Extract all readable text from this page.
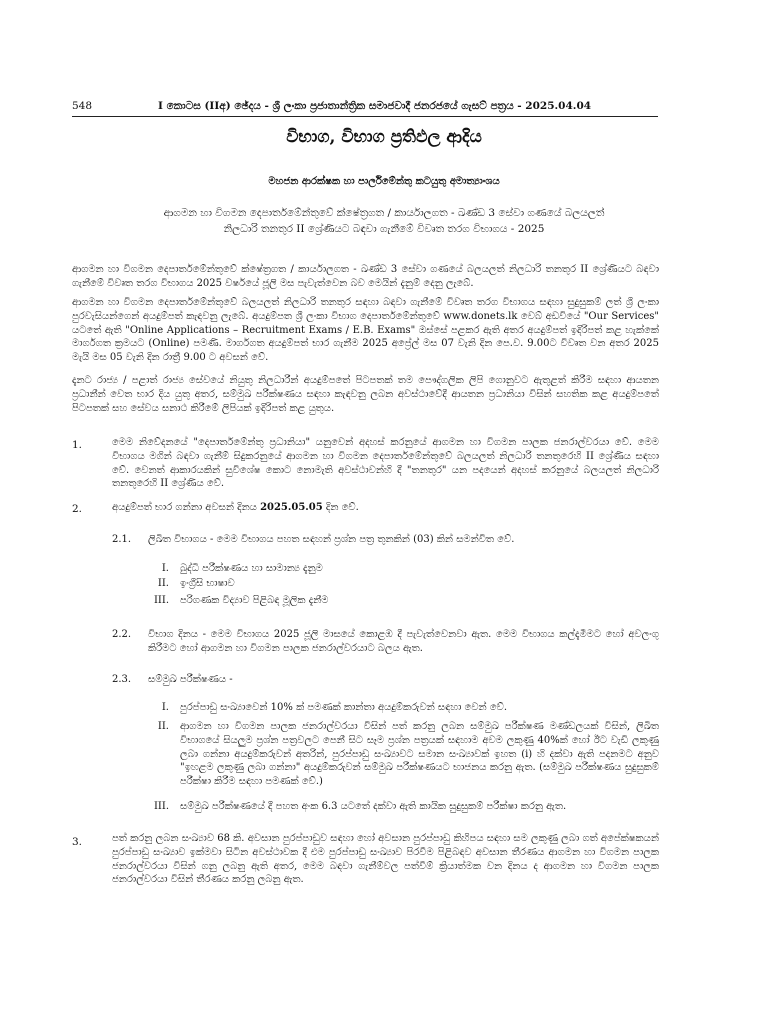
548	I කොටස (IIඅ) ඡේදය - ශ්‍රී ලංකා ප්‍රජාතාන්ත්‍රික සමාජවාදී ජනරජයේ ගැසට් පත්‍රය - 2025.04.04
විභාග, විභාග ප්‍රතිඵල ආදිය
මහජන ආරක්ෂක හා පාර්ලිමේන්තු කටයුතු අමාත්‍යාංශය
ආගමන හා විගමන දෙපාර්තමේන්තුවේ ක්ෂේත්‍රගත / කාර්යාලගත - ඛණ්ඩ 3 සේවා ගණයේ බලයලත් නිලධාරි තනතුර II ශ්‍රේණියට බඳවා ගැනීමේ විවෘත තරග විභාගය - 2025
ආගමන හා විගමන දෙපාර්තමේන්තුවේ ක්ෂේත්‍රගත / කාර්යාලගත - ඛණ්ඩ 3 සේවා ගණයේ බලයලත් නිලධාරි තනතුර II ශ්‍රේණියට බඳවා ගැනීමේ විවෘත තරග විභාගය 2025 වර්ෂයේ ජූලි මස පැවැත්වෙන බව මෙයින් දැනුම් දෙනු ලැබේ.
ආගමන හා විගමන දෙපාර්තමේන්තුවේ බලයලත් නිලධාරි තනතුර සඳහා බඳවා ගැනීමේ විවෘත තරග විභාගය සඳහා සුදුසුකම් ලත් ශ්‍රී ලංකා පුරවැසියන්ගෙන් අයදුම්පත් කැඳවනු ලැබේ. අයදුම්පත ශ්‍රී ලංකා විභාග දෙපාර්තමේන්තුවේ www.donets.lk වෙබ් අඩවියේ "Our Services" යටතේ ඇති "Online Applications – Recruitment Exams / E.B. Exams" ඔස්සේ පළකර ඇති අතර අයදුම්පත් ඉදිරිපත් කළ හැක්කේ මාර්ගගත ක්‍රමයට (Online) පමණි. මාර්ගගත අයදුම්පත් භාර ගැනීම 2025 අප්‍රේල් මස 07 වැනි දින පෙ.ව. 9.00ට විවෘත වන අතර 2025 මැයි මස 05 වැනි දින රාත්‍රී 9.00 ට අවසන් වේ.
දැනට රාජ්‍ය / පළාත් රාජ්‍ය සේවයේ නියුතු නිලධාරීන් අයදුම්පතේ පිටපතක් තම පෞද්ගලික ලිපි ගොනුවට ඇතුළත් කිරීම සඳහා ආයතන ප්‍රධානීන් වෙත භාර දිය යුතු අතර, සම්මුඛ පරීක්ෂණය සඳහා කැඳවනු ලබන අවස්ථාවේදී ආයතන ප්‍රධානියා විසින් සහතික කළ අයදුම්පතේ පිටපතක් සහ සේවය සනාථ කිරීමේ ලිපියක් ඉදිරිපත් කළ යුතුය.
1.	මෙම නිවේදනයේ "දෙපාර්තමේන්තු ප්‍රධානියා" යනුවෙන් අදහස් කරනුයේ ආගමන හා විගමන පාලක ජනරාල්වරයා වේ. මෙම විභාගය මගින් බඳවා ගැනීම් සිදුකරනුයේ ආගමන හා විගමන දෙපාර්තමේන්තුවේ බලයලත් නිලධාරි තනතුරෙහි II ශ්‍රේණිය සඳහා වේ. වෙනත් ආකාරයකින් සුවිශේෂ කොට නොමැති අවස්ථාවන්හි දී "තනතුර" යන පදයෙන් අදහස් කරනුයේ බලයලත් නිලධාරි තනතුරෙහි II ශ්‍රේණිය වේ.
2.	අයදුම්පත් භාර ගන්නා අවසන් දිනය 2025.05.05 දින වේ.
2.1. ලිඛිත විභාගය - මෙම විභාගය පහත සඳහන් ප්‍රශ්න පත්‍ර තුනකින් (03) කින් සමන්විත වේ.
I. බුද්ධි පරීක්ෂණය හා සාමාන්‍ය දැනුම
II. ඉංග්‍රීසි භාෂාව
III. පරිගණක විද්‍යාව පිළිබඳ මූලික දැනීම
2.2. විභාග දිනය - මෙම විභාගය 2025 ජූලි මාසයේ කොළඹ දී පැවැත්වෙනවා ඇත. මෙම විභාගය කල්දැමීමට හෝ අවලංගු කිරීමට හෝ ආගමන හා විගමන පාලක ජනරාල්වරයාට බලය ඇත.
2.3. සම්මුඛ පරීක්ෂණය -
I. පුරප්පාඩු සංඛ්‍යාවෙන් 10% ක් පමණක් කාන්තා අයදුම්කරුවන් සඳහා වෙන් වේ.
II. ආගමන හා විගමන පාලක ජනරාල්වරයා විසින් පත් කරනු ලබන සම්මුඛ පරීක්ෂණ මණ්ඩලයක් විසින්, ලිඛිත විභාගයේ සියලුම ප්‍රශ්න පත්‍රවලට පෙනී සිට සෑම ප්‍රශ්න පත්‍රයක් සඳහාම අවම ලකුණු 40%ක් හෝ ඊට වැඩි ලකුණු ලබා ගන්නා අයදුම්කරුවන් අතරින්, පුරප්පාඩු සංඛ්‍යාවට සමාන සංඛ්‍යාවක් ඉහත (i) හි දක්වා ඇති පදනමට අනුව "ඉහළම ලකුණු ලබා ගන්නා" අයදුම්කරුවන් සම්මුඛ පරීක්ෂණයට භාජනය කරනු ඇත. (සම්මුඛ පරීක්ෂණය සුදුසුකම් පරීක්ෂා කිරීම සඳහා පමණක් වේ.)
III. සම්මුඛ පරීක්ෂණයේ දී පහත අංක 6.3 යටතේ දක්වා ඇති කායික සුදුසුකම් පරීක්ෂා කරනු ඇත.
3.	පත් කරනු ලබන සංඛ්‍යාව 68 කි. අවසාන පුරප්පාඩුව සඳහා හෝ අවසාන පුරප්පාඩු කිහිපය සඳහා සම ලකුණු ලබා ගත් අපේක්ෂකයන් පුරප්පාඩු සංඛ්‍යාව ඉක්මවා සිටින අවස්ථාවක දී එම පුරප්පාඩු සංඛ්‍යාව පිරවීම පිළිබඳව අවසාන තීරණය ආගමන හා විගමන පාලක ජනරාල්වරයා විසින් ගනු ලබනු ඇති අතර, මෙම බඳවා ගැනීම්වල පත්වීම් ක්‍රියාත්මක වන දිනය ද ආගමන හා විගමන පාලක ජනරාල්වරයා විසින් තීරණය කරනු ලබනු ඇත.
